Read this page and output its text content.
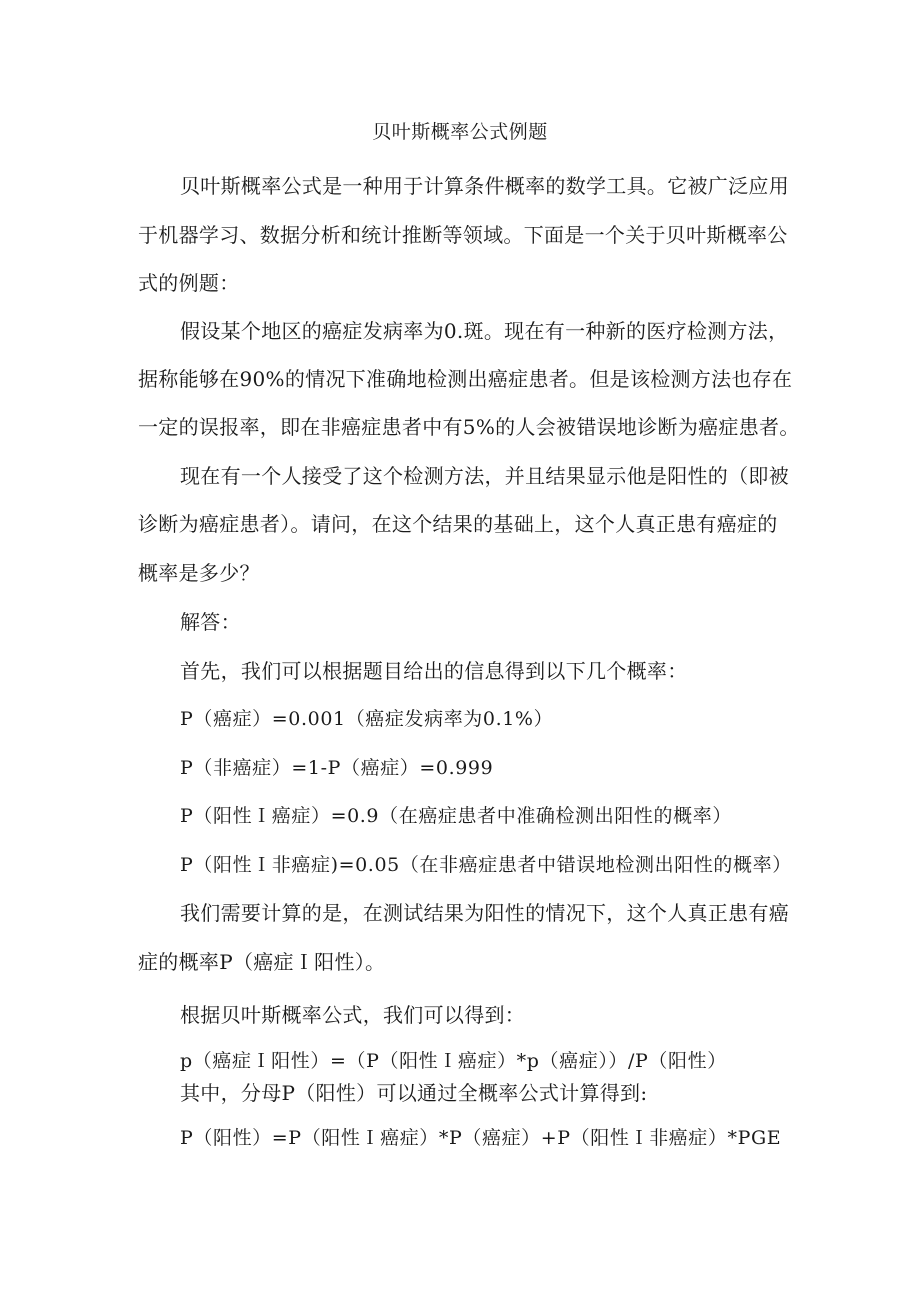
贝叶斯概率公式例题
贝叶斯概率公式是一种用于计算条件概率的数学工具。它被广泛应用
于机器学习、数据分析和统计推断等领域。下面是一个关于贝叶斯概率公
式的例题：
假设某个地区的癌症发病率为0.斑。现在有一种新的医疗检测方法，
据称能够在90%的情况下准确地检测出癌症患者。但是该检测方法也存在
一定的误报率，即在非癌症患者中有5%的人会被错误地诊断为癌症患者。
现在有一个人接受了这个检测方法，并且结果显示他是阳性的（即被
诊断为癌症患者）。请问，在这个结果的基础上，这个人真正患有癌症的
概率是多少？
解答：
首先，我们可以根据题目给出的信息得到以下几个概率：
P（癌症）=0.001（癌症发病率为0.1%）
P（非癌症）=1-P（癌症）=0.999
P（阳性Ｉ癌症）=0.9（在癌症患者中准确检测出阳性的概率）
P（阳性Ｉ非癌症)=0.05（在非癌症患者中错误地检测出阳性的概率）
我们需要计算的是，在测试结果为阳性的情况下，这个人真正患有癌
症的概率P（癌症Ｉ阳性）。
根据贝叶斯概率公式，我们可以得到：
p（癌症Ｉ阳性）=（P（阳性Ｉ癌症）*p（癌症））/P（阳性）
其中，分母P（阳性）可以通过全概率公式计算得到:
P（阳性）=P（阳性Ｉ癌症）*P（癌症）+P（阳性Ｉ非癌症）*PGE
